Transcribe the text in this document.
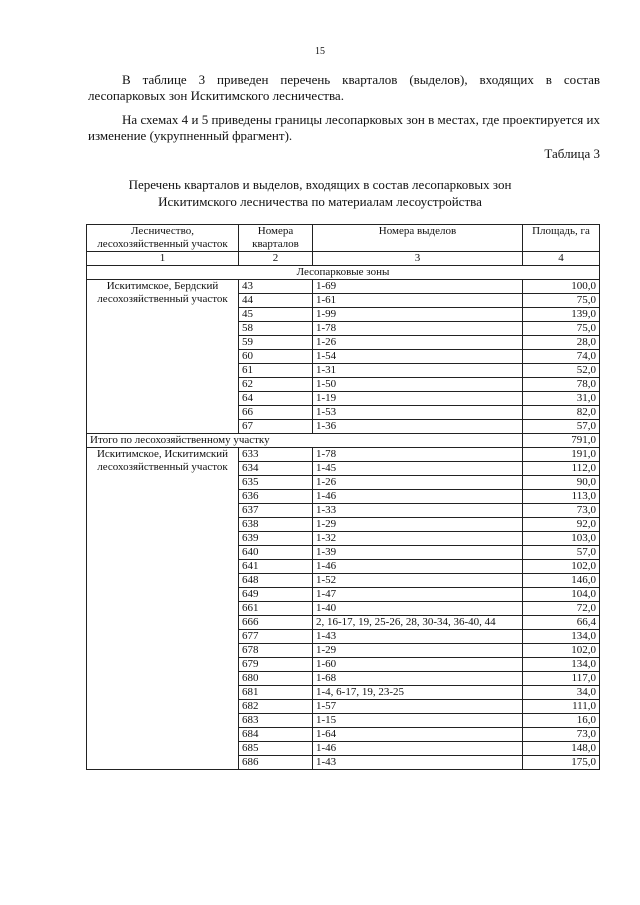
15

В таблице 3 приведен перечень кварталов (выделов), входящих в состав лесопарковых зон Искитимского лесничества.

На схемах 4 и 5 приведены границы лесопарковых зон в местах, где проектируется их изменение (укрупненный фрагмент).

Таблица 3
Перечень кварталов и выделов, входящих в состав лесопарковых зон
Искитимского лесничества по материалам лесоустройства
Лесничество, лесохозяйственный участок	Номера кварталов	Номера выделов	Площадь, га
1	2	3	4
Лесопарковые зоны			
Искитимское, Бердский лесохозяйственный участок	43	1-69	100,0
	44	1-61	75,0
	45	1-99	139,0
	58	1-78	75,0
	59	1-26	28,0
	60	1-54	74,0
	61	1-31	52,0
	62	1-50	78,0
	64	1-19	31,0
	66	1-53	82,0
	67	1-36	57,0
Итого по лесохозяйственному участку			791,0
Искитимское, Искитимский лесохозяйственный участок	633	1-78	191,0
	634	1-45	112,0
	635	1-26	90,0
	636	1-46	113,0
	637	1-33	73,0
	638	1-29	92,0
	639	1-32	103,0
	640	1-39	57,0
	641	1-46	102,0
	648	1-52	146,0
	649	1-47	104,0
	661	1-40	72,0
	666	2, 16-17, 19, 25-26, 28, 30-34, 36-40, 44	66,4
	677	1-43	134,0
	678	1-29	102,0
	679	1-60	134,0
	680	1-68	117,0
	681	1-4, 6-17, 19, 23-25	34,0
	682	1-57	111,0
	683	1-15	16,0
	684	1-64	73,0
	685	1-46	148,0
	686	1-43	175,0
